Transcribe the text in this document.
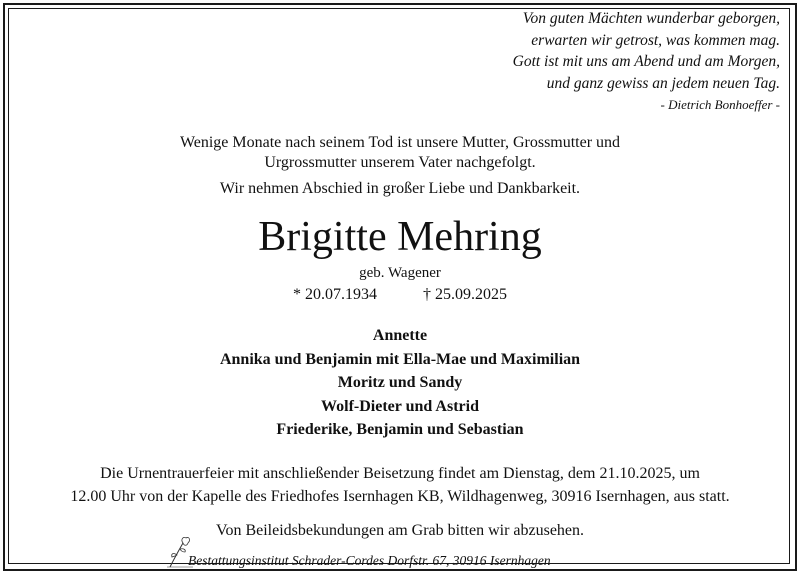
Von guten Mächten wunderbar geborgen,
erwarten wir getrost, was kommen mag.
Gott ist mit uns am Abend und am Morgen,
und ganz gewiss an jedem neuen Tag.
- Dietrich Bonhoeffer -
Wenige Monate nach seinem Tod ist unsere Mutter, Grossmutter und
Urgrossmutter unserem Vater nachgefolgt.
Wir nehmen Abschied in großer Liebe und Dankbarkeit.
Brigitte Mehring
geb. Wagener
* 20.07.1934	† 25.09.2025
Annette
Annika und Benjamin mit Ella-Mae und Maximilian
Moritz und Sandy
Wolf-Dieter und Astrid
Friederike, Benjamin und Sebastian
Die Urnentrauerfeier mit anschließender Beisetzung findet am Dienstag, dem 21.10.2025, um
12.00 Uhr von der Kapelle des Friedhofes Isernhagen KB, Wildhagenweg, 30916 Isernhagen, aus statt.
Von Beileidsbekundungen am Grab bitten wir abzusehen.
Bestattungsinstitut Schrader-Cordes Dorfstr. 67, 30916 Isernhagen
